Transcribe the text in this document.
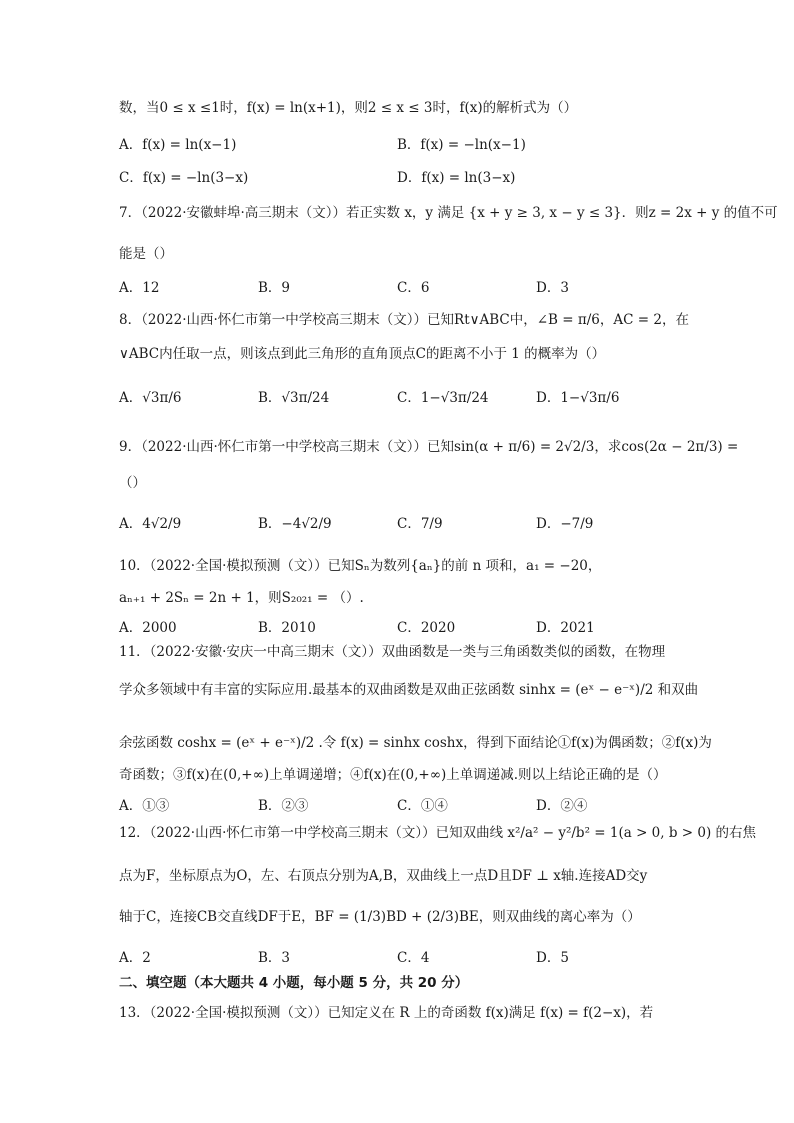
数，当0 ≤ x ≤1时，f(x) = ln(x+1)，则2 ≤ x ≤ 3时，f(x)的解析式为（）
A．f(x) = ln(x−1)	B．f(x) = −ln(x−1)
C．f(x) = −ln(3−x)	D．f(x) = ln(3−x)
7．（2022·安徽蚌埠·高三期末（文））若正实数 x，y 满足 {x + y ≥ 3, x − y ≤ 3}．则z = 2x + y 的值不可
能是（）
A．12	B．9	C．6	D．3
8．（2022·山西·怀仁市第一中学校高三期末（文））已知Rt∨ABC中，∠B = π/6，AC = 2，在
∨ABC内任取一点，则该点到此三角形的直角顶点C的距离不小于 1 的概率为（）
A．√3π/6	B．√3π/24	C．1−√3π/24	D．1−√3π/6
9．（2022·山西·怀仁市第一中学校高三期末（文））已知sin(α + π/6) = 2√2/3，求cos(2α − 2π/3) =
（）
A．4√2/9	B．−4√2/9	C．7/9	D．−7/9
10．（2022·全国·模拟预测（文））已知Sₙ为数列{aₙ}的前 n 项和，a₁ = −20，
aₙ₊₁ + 2Sₙ = 2n + 1，则S₂₀₂₁ = （）.
A．2000	B．2010	C．2020	D．2021
11．（2022·安徽·安庆一中高三期末（文））双曲函数是一类与三角函数类似的函数，在物理
学众多领域中有丰富的实际应用.最基本的双曲函数是双曲正弦函数 sinhx = (eˣ − e⁻ˣ)/2 和双曲
余弦函数 coshx = (eˣ + e⁻ˣ)/2 .令 f(x) = sinhx coshx，得到下面结论①f(x)为偶函数；②f(x)为
奇函数；③f(x)在(0,+∞)上单调递增；④f(x)在(0,+∞)上单调递减.则以上结论正确的是（）
A．①③	B．②③	C．①④	D．②④
12．（2022·山西·怀仁市第一中学校高三期末（文））已知双曲线 x²/a² − y²/b² = 1(a > 0, b > 0) 的右焦
点为F，坐标原点为O，左、右顶点分别为A,B，双曲线上一点D且DF ⊥ x轴.连接AD交y
轴于C，连接CB交直线DF于E，BF = (1/3)BD + (2/3)BE，则双曲线的离心率为（）
A．2	B．3	C．4	D．5
二、填空题（本大题共 4 小题，每小题 5 分，共 20 分）
13．（2022·全国·模拟预测（文））已知定义在 R 上的奇函数 f(x)满足 f(x) = f(2−x)，若
